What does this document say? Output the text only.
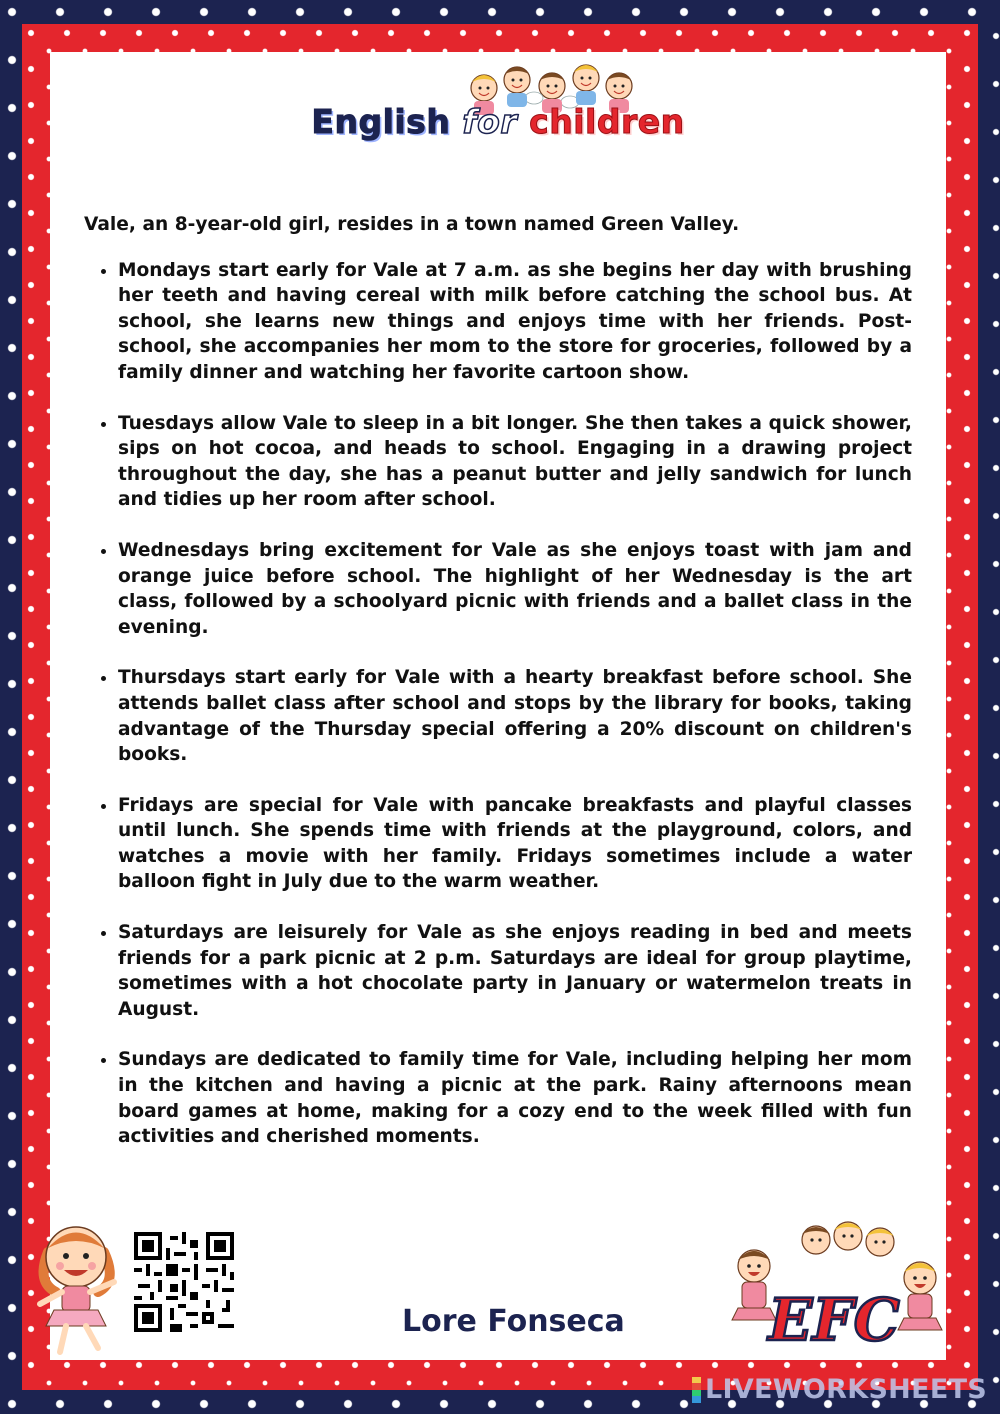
English for children

Vale, an 8-year-old girl, resides in a town named Green Valley.

• Mondays start early for Vale at 7 a.m. as she begins her day with brushing her teeth and having cereal with milk before catching the school bus. At school, she learns new things and enjoys time with her friends. Post-school, she accompanies her mom to the store for groceries, followed by a family dinner and watching her favorite cartoon show.
• Tuesdays allow Vale to sleep in a bit longer. She then takes a quick shower, sips on hot cocoa, and heads to school. Engaging in a drawing project throughout the day, she has a peanut butter and jelly sandwich for lunch and tidies up her room after school.
• Wednesdays bring excitement for Vale as she enjoys toast with jam and orange juice before school. The highlight of her Wednesday is the art class, followed by a schoolyard picnic with friends and a ballet class in the evening.
• Thursdays start early for Vale with a hearty breakfast before school. She attends ballet class after school and stops by the library for books, taking advantage of the Thursday special offering a 20% discount on children's books.
• Fridays are special for Vale with pancake breakfasts and playful classes until lunch. She spends time with friends at the playground, colors, and watches a movie with her family. Fridays sometimes include a water balloon fight in July due to the warm weather.
• Saturdays are leisurely for Vale as she enjoys reading in bed and meets friends for a park picnic at 2 p.m. Saturdays are ideal for group playtime, sometimes with a hot chocolate party in January or watermelon treats in August.
• Sundays are dedicated to family time for Vale, including helping her mom in the kitchen and having a picnic at the park. Rainy afternoons mean board games at home, making for a cozy end to the week filled with fun activities and cherished moments.
Lore Fonseca EFC
LIVEWORKSHEETS
